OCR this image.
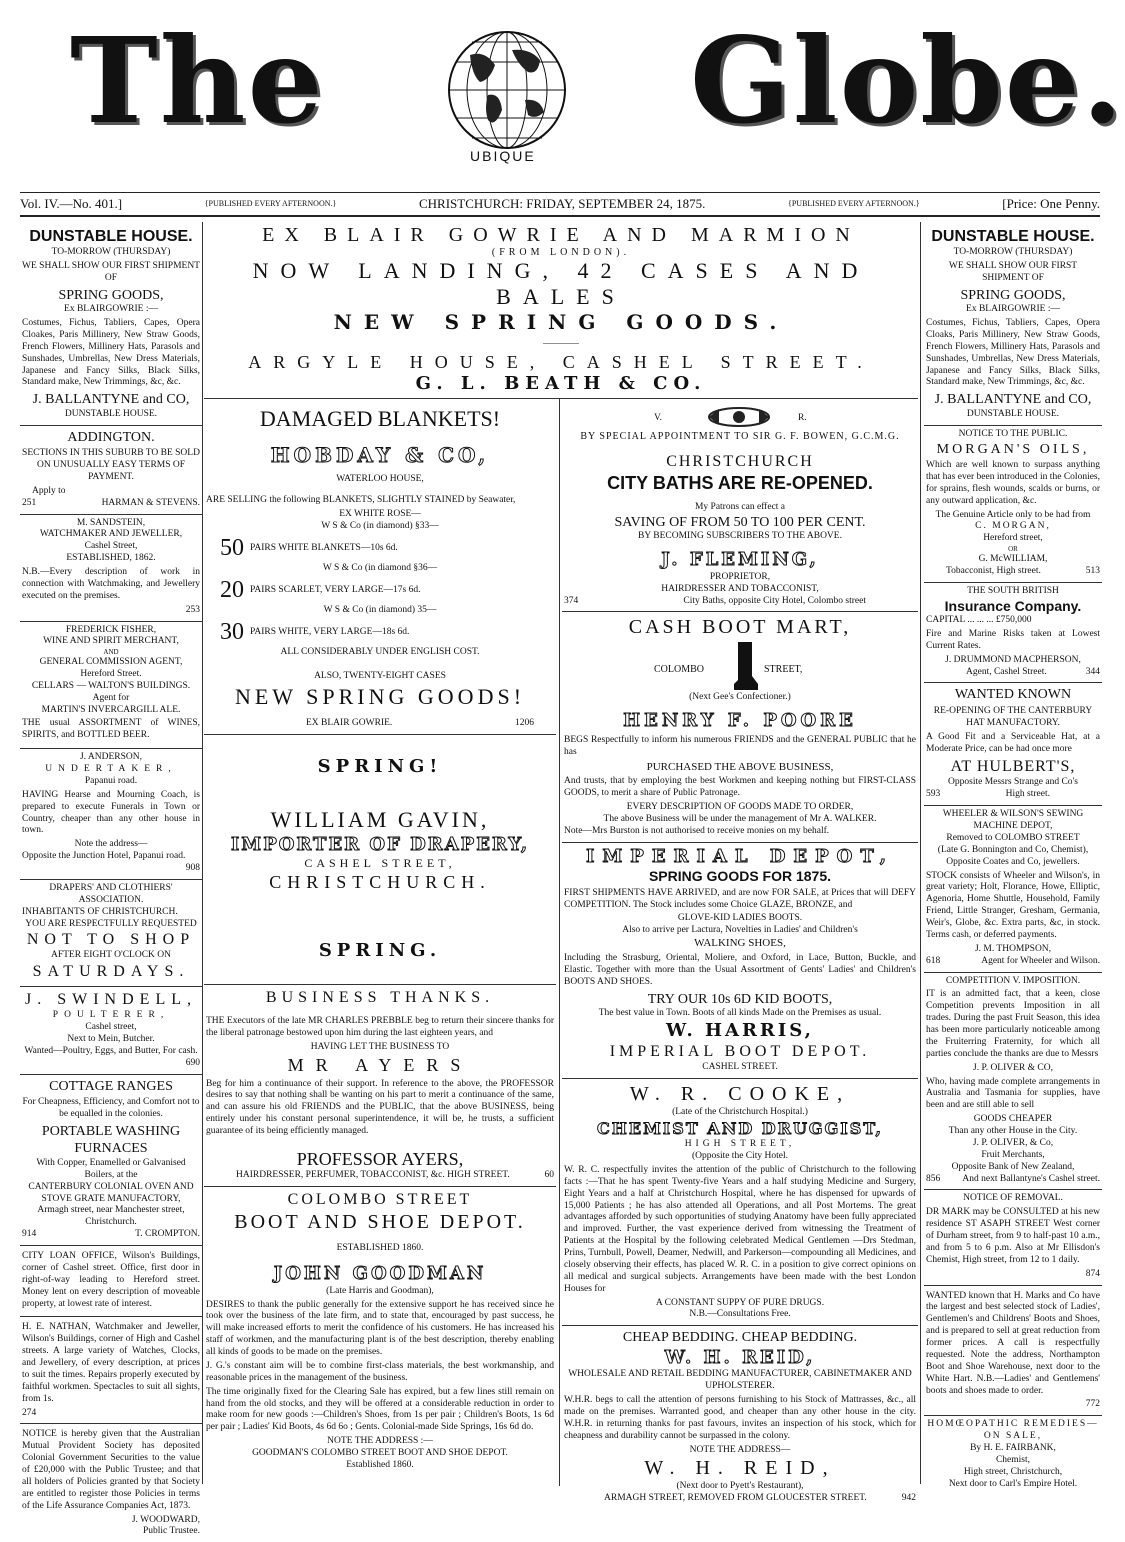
The
UBIQUE
Globe.
Vol. IV.—No. 401.]	{PUBLISHED EVERY AFTERNOON.}	CHRISTCHURCH: FRIDAY, SEPTEMBER 24, 1875.	{PUBLISHED EVERY AFTERNOON.}	[Price: One Penny.
DUNSTABLE HOUSE.
TO-MORROW (THURSDAY)

WE SHALL SHOW OUR FIRST SHIPMENT OF

SPRING GOODS,
Ex BLAIRGOWRIE :—

Costumes, Fichus, Tabliers, Capes, Opera Cloakes, Paris Millinery, New Straw Goods, French Flowers, Millinery Hats, Parasols and Sunshades, Umbrellas, New Dress Materials, Japanese and Fancy Silks, Black Silks, Standard make, New Trimmings, &c, &c.

J. BALLANTYNE and CO,
DUNSTABLE HOUSE.
ADDINGTON.

SECTIONS IN THIS SUBURB TO BE SOLD ON UNUSUALLY EASY TERMS OF PAYMENT.

Apply to
251	HARMAN & STEVENS.
M. SANDSTEIN,
WATCHMAKER AND JEWELLER,
Cashel Street,
ESTABLISHED, 1862.

N.B.—Every description of work in connection with Watchmaking, and Jewellery executed on the premises.

253
FREDERICK FISHER,
WINE AND SPIRIT MERCHANT,
AND
GENERAL COMMISSION AGENT,
Hereford Street.
CELLARS — WALTON'S BUILDINGS.
Agent for
MARTIN'S INVERCARGILL ALE.

THE usual ASSORTMENT of WINES, SPIRITS, and BOTTLED BEER.

J. ANDERSON,
UNDERTAKER,
Papanui road.

HAVING Hearse and Mourning Coach, is prepared to execute Funerals in Town or Country, cheaper than any other house in town.

Note the address—
Opposite the Junction Hotel, Papanui road.
908
DRAPERS' AND CLOTHIERS' ASSOCIATION.
INHABITANTS OF CHRISTCHURCH.
YOU ARE RESPECTFULLY REQUESTED
NOT TO SHOP
AFTER EIGHT O'CLOCK ON
SATURDAYS.
J. SWINDELL,
POULTERER,
Cashel street,
Next to Mein, Butcher.
Wanted—Poultry, Eggs, and Butter, For cash.
690
COTTAGE RANGES

For Cheapness, Efficiency, and Comfort not to be equalled in the colonies.

PORTABLE WASHING FURNACES
With Copper, Enamelled or Galvanised Boilers, at the
CANTERBURY COLONIAL OVEN AND STOVE GRATE MANUFACTORY,
Armagh street, near Manchester street, Christchurch.
914	T. CROMPTON.

CITY LOAN OFFICE, Wilson's Buildings, corner of Cashel street. Office, first door in right-of-way leading to Hereford street. Money lent on every description of moveable property, at lowest rate of interest.

H. E. NATHAN, Watchmaker and Jeweller, Wilson's Buildings, corner of High and Cashel streets. A large variety of Watches, Clocks, and Jewellery, of every description, at prices to suit the times. Repairs properly executed by faithful workmen. Spectacles to suit all sights, from 1s.

274

NOTICE is hereby given that the Australian Mutual Provident Society has deposited Colonial Government Securities to the value of £20,000 with the Public Trustee; and that all holders of Policies granted by that Society are entitled to register those Policies in terms of the Life Assurance Companies Act, 1873.

J. WOODWARD,
Public Trustee.
EX BLAIR GOWRIE AND MARMION
(FROM LONDON).
NOW LANDING, 42 CASES AND BALES
NEW SPRING GOODS.
————
ARGYLE HOUSE, CASHEL STREET.
G. L. BEATH & CO.
DAMAGED BLANKETS!
HOBDAY & CO,
WATERLOO HOUSE,

ARE SELLING the following BLANKETS, SLIGHTLY STAINED by Seawater,

EX WHITE ROSE—
W S & Co (in diamond) §33—
50 PAIRS WHITE BLANKETS—10s 6d.
W S & Co (in diamond §36—
20 PAIRS SCARLET, VERY LARGE—17s 6d.
W S & Co (in diamond) 35—
30 PAIRS WHITE, VERY LARGE—18s 6d.
ALL CONSIDERABLY UNDER ENGLISH COST.
ALSO, TWENTY-EIGHT CASES
NEW SPRING GOODS!
EX BLAIR GOWRIE.	1206
SPRING!
WILLIAM GAVIN,
IMPORTER OF DRAPERY,
CASHEL STREET,
CHRISTCHURCH.
SPRING.
BUSINESS THANKS.

THE Executors of the late MR CHARLES PREBBLE beg to return their sincere thanks for the liberal patronage bestowed upon him during the last eighteen years, and

HAVING LET THE BUSINESS TO
MR AYERS

Beg for him a continuance of their support. In reference to the above, the PROFESSOR desires to say that nothing shall be wanting on his part to merit a continuance of the same, and can assure his old FRIENDS and the PUBLIC, that the above BUSINESS, being entirely under his constant personal superintendence, it will be, he trusts, a sufficient guarantee of its being efficiently managed.

PROFESSOR AYERS,
HAIRDRESSER, PERFUMER, TOBACCONIST, &c. HIGH STREET.	60
COLOMBO STREET
BOOT AND SHOE DEPOT.
ESTABLISHED 1860.
JOHN GOODMAN
(Late Harris and Goodman),

DESIRES to thank the public generally for the extensive support he has received since he took over the business of the late firm, and to state that, encouraged by past success, he will make increased efforts to merit the confidence of his customers. He has increased his staff of workmen, and the manufacturing plant is of the best description, thereby enabling all kinds of goods to be made on the premises.

J. G.'s constant aim will be to combine first-class materials, the best workmanship, and reasonable prices in the management of the business.

The time originally fixed for the Clearing Sale has expired, but a few lines still remain on hand from the old stocks, and they will be offered at a considerable reduction in order to make room for new goods :—Children's Shoes, from 1s per pair ; Children's Boots, 1s 6d per pair ; Ladies' Kid Boots, 4s 6d 6o ; Gents. Colonial-made Side Springs, 16s 6d do.

NOTE THE ADDRESS :—
GOODMAN'S COLOMBO STREET BOOT AND SHOE DEPOT.
Established 1860.
V.	R.
BY SPECIAL APPOINTMENT TO SIR G. F. BOWEN, G.C.M.G.
CHRISTCHURCH
CITY BATHS ARE RE-OPENED.
My Patrons can effect a
SAVING OF FROM 50 TO 100 PER CENT.
BY BECOMING SUBSCRIBERS TO THE ABOVE.
J. FLEMING,
PROPRIETOR,
HAIRDRESSER AND TOBACCONIST,
374	City Baths, opposite City Hotel, Colombo street
CASH BOOT MART,
COLOMBO	STREET,
(Next Gee's Confectioner.)
HENRY F. POORE

BEGS Respectfully to inform his numerous FRIENDS and the GENERAL PUBLIC that he has

PURCHASED THE ABOVE BUSINESS,

And trusts, that by employing the best Workmen and keeping nothing but FIRST-CLASS GOODS, to merit a share of Public Patronage.

EVERY DESCRIPTION OF GOODS MADE TO ORDER,
The above Business will be under the management of Mr A. WALKER.
Note—Mrs Burston is not authorised to receive monies on my behalf.
IMPERIAL DEPOT,
SPRING GOODS FOR 1875.

FIRST SHIPMENTS HAVE ARRIVED, and are now FOR SALE, at Prices that will DEFY COMPETITION. The Stock includes some Choice GLAZE, BRONZE, and

GLOVE-KID LADIES BOOTS.
Also to arrive per Lactura, Novelties in Ladies' and Children's
WALKING SHOES,

Including the Strasburg, Oriental, Moliere, and Oxford, in Lace, Button, Buckle, and Elastic. Together with more than the Usual Assortment of Gents' Ladies' and Children's BOOTS AND SHOES.

TRY OUR 10s 6D KID BOOTS,
The best value in Town. Boots of all kinds Made on the Premises as usual.
W. HARRIS,
IMPERIAL BOOT DEPOT.
CASHEL STREET.
W. R. COOKE,
(Late of the Christchurch Hospital.)
CHEMIST AND DRUGGIST,
HIGH STREET,
(Opposite the City Hotel.

W. R. C. respectfully invites the attention of the public of Christchurch to the following facts :—That he has spent Twenty-five Years and a half studying Medicine and Surgery, Eight Years and a half at Christchurch Hospital, where he has dispensed for upwards of 15,000 Patients ; he has also attended all Operations, and all Post Mortems. The great advantages afforded by such opportunities of studying Anatomy have been fully appreciated and improved. Further, the vast experience derived from witnessing the Treatment of Patients at the Hospital by the following celebrated Medical Gentlemen —Drs Stedman, Prins, Turnbull, Powell, Deamer, Nedwill, and Parkerson—compounding all Medicines, and closely observing their effects, has placed W. R. C. in a position to give correct opinions on all medical and surgical subjects. Arrangements have been made with the best London Houses for

A CONSTANT SUPPY OF PURE DRUGS.
N.B.—Consultations Free.
CHEAP BEDDING. CHEAP BEDDING.
W. H. REID,
WHOLESALE AND RETAIL BEDDING MANUFACTURER, CABINETMAKER AND UPHOLSTERER.

W.H.R. begs to call the attention of persons furnishing to his Stock of Mattrasses, &c., all made on the premises. Warranted good, and cheaper than any other house in the city. W.H.R. in returning thanks for past favours, invites an inspection of his stock, which for cheapness and durability cannot be surpassed in the colony.

NOTE THE ADDRESS—
W. H. REID,
(Next door to Pyett's Restaurant),
ARMAGH STREET, REMOVED FROM GLOUCESTER STREET.	942
DUNSTABLE HOUSE.
TO-MORROW (THURSDAY)

WE SHALL SHOW OUR FIRST SHIPMENT OF

SPRING GOODS,
Ex BLAIRGOWRIE :—

Costumes, Fichus, Tabliers, Capes, Opera Cloaks, Paris Millinery, New Straw Goods, French Flowers, Millinery Hats, Parasols and Sunshades, Umbrellas, New Dress Materials, Japanese and Fancy Silks, Black Silks, Standard make, New Trimmings, &c, &c.

J. BALLANTYNE and CO,
DUNSTABLE HOUSE.
NOTICE TO THE PUBLIC.
MORGAN'S OILS,

Which are well known to surpass anything that has ever been introduced in the Colonies, for sprains, flesh wounds, scalds or burns, or any outward application, &c.

The Genuine Article only to be had from
C. MORGAN,
Hereford street,
OR
G. McWILLIAM,
Tobacconist, High street.	513
THE SOUTH BRITISH
Insurance Company.
CAPITAL ... ... ... £750,000

Fire and Marine Risks taken at Lowest Current Rates.

J. DRUMMOND MACPHERSON,
Agent, Cashel Street.	344
WANTED KNOWN

RE-OPENING OF THE CANTERBURY HAT MANUFACTORY.

A Good Fit and a Serviceable Hat, at a Moderate Price, can be had once more

AT HULBERT'S,
Opposite Messrs Strange and Co's
593	High street.
WHEELER & WILSON'S SEWING MACHINE DEPOT,
Removed to COLOMBO STREET
(Late G. Bonnington and Co, Chemist), Opposite Coates and Co, jewellers.

STOCK consists of Wheeler and Wilson's, in great variety; Holt, Florance, Howe, Elliptic, Agenoria, Home Shuttle, Household, Family Friend, Little Stranger, Gresham, Germania, Weir's, Globe, &c. Extra parts, &c, in stock. Terms cash, or deferred payments.

J. M. THOMPSON,
618	Agent for Wheeler and Wilson.
COMPETITION V. IMPOSITION.

IT is an admitted fact, that a keen, close Competition prevents Imposition in all trades. During the past Fruit Season, this idea has been more particularly noticeable among the Fruiterring Fraternity, for which all parties conclude the thanks are due to Messrs

J. P. OLIVER & CO,

Who, having made complete arrangements in Australia and Tasmania for supplies, have been and are still able to sell

GOODS CHEAPER
Than any other House in the City.
J. P. OLIVER, & Co,
Fruit Merchants,
Opposite Bank of New Zealand,
856 And next Ballantyne's Cashel street.
NOTICE OF REMOVAL.

DR MARK may be CONSULTED at his new residence ST ASAPH STREET West corner of Durham street, from 9 to half-past 10 a.m., and from 5 to 6 p.m. Also at Mr Ellisdon's Chemist, High street, from 12 to 1 daily.

874

WANTED known that H. Marks and Co have the largest and best selected stock of Ladies', Gentlemen's and Childrens' Boots and Shoes, and is prepared to sell at great reduction from former prices. A call is respectfully requested. Note the address, Northampton Boot and Shoe Warehouse, next door to the White Hart. N.B.—Ladies' and Gentlemens' boots and shoes made to order.

772
HOMŒOPATHIC REMEDIES— ON SALE,
By H. E. FAIRBANK,
Chemist,
High street, Christchurch,
Next door to Carl's Empire Hotel.
